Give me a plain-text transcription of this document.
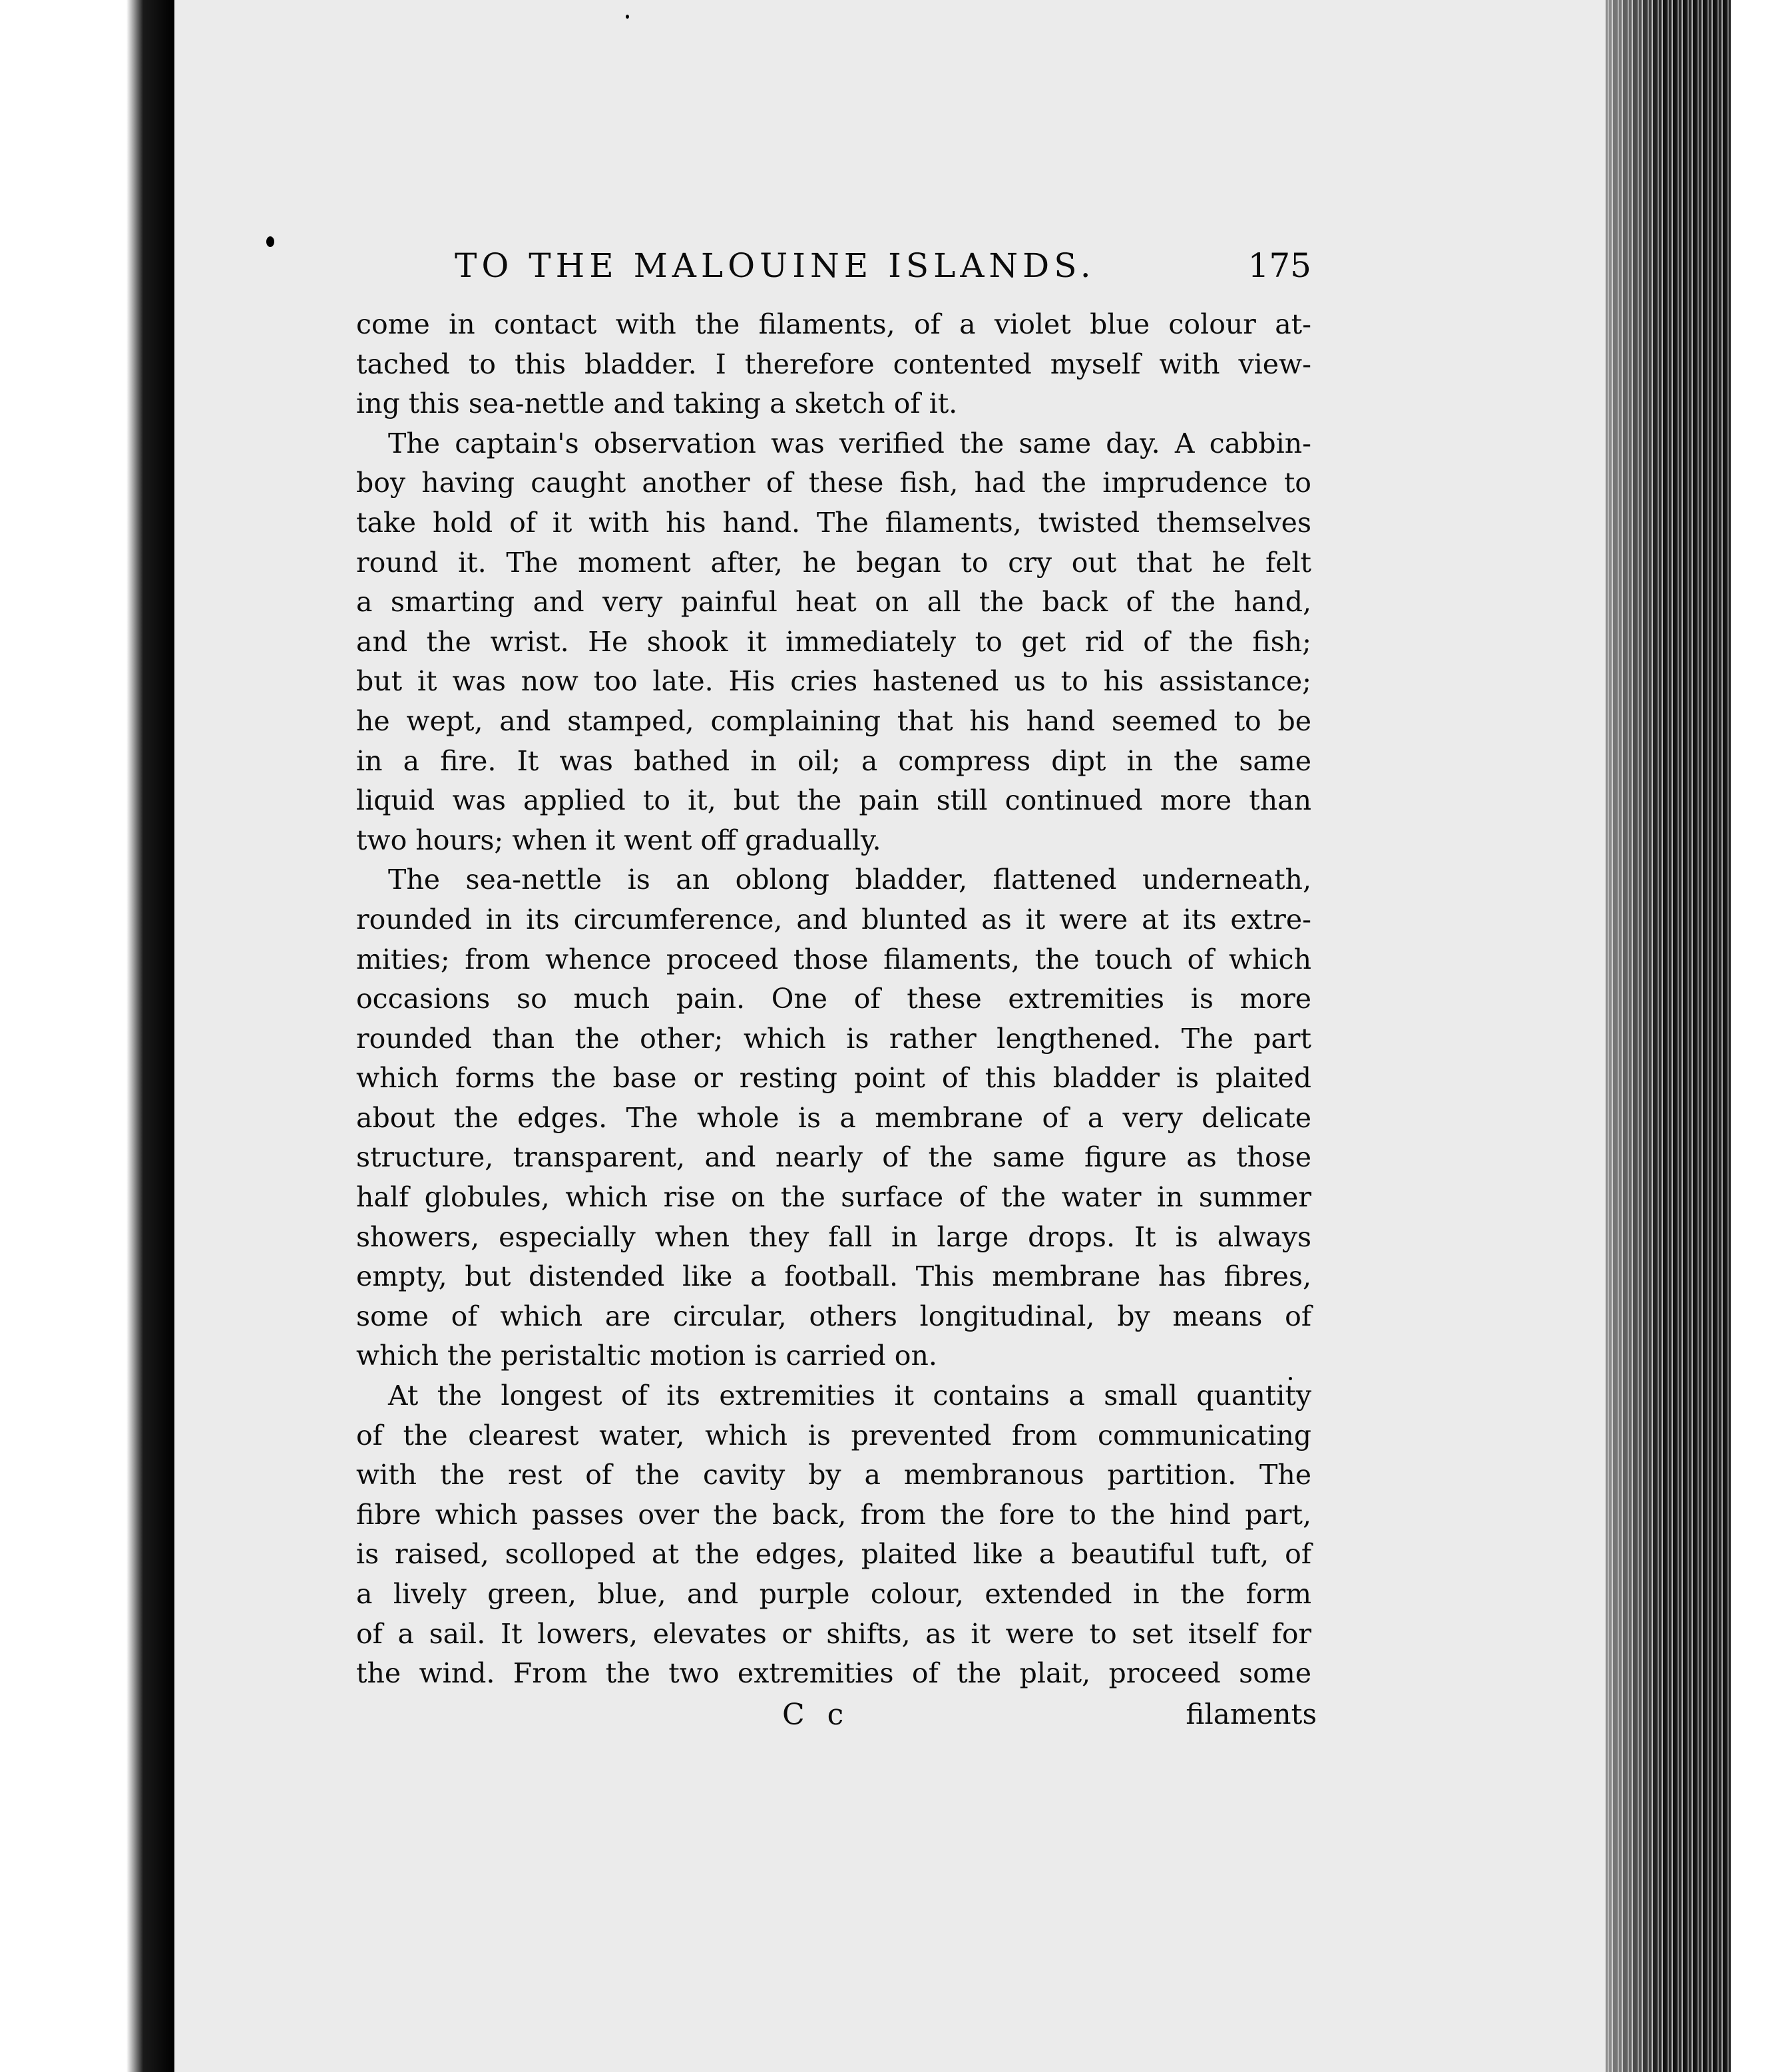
TO THE MALOUINE ISLANDS.	175
come in contact with the filaments, of a violet blue colour at-
tached to this bladder. I therefore contented myself with view-
ing this sea-nettle and taking a sketch of it.
The captain's observation was verified the same day. A cabbin-
boy having caught another of these fish, had the imprudence to
take hold of it with his hand. The filaments, twisted themselves
round it. The moment after, he began to cry out that he felt
a smarting and very painful heat on all the back of the hand,
and the wrist. He shook it immediately to get rid of the fish;
but it was now too late. His cries hastened us to his assistance;
he wept, and stamped, complaining that his hand seemed to be
in a fire. It was bathed in oil; a compress dipt in the same
liquid was applied to it, but the pain still continued more than
two hours; when it went off gradually.
The sea-nettle is an oblong bladder, flattened underneath,
rounded in its circumference, and blunted as it were at its extre-
mities; from whence proceed those filaments, the touch of which
occasions so much pain. One of these extremities is more
rounded than the other; which is rather lengthened. The part
which forms the base or resting point of this bladder is plaited
about the edges. The whole is a membrane of a very delicate
structure, transparent, and nearly of the same figure as those
half globules, which rise on the surface of the water in summer
showers, especially when they fall in large drops. It is always
empty, but distended like a football. This membrane has fibres,
some of which are circular, others longitudinal, by means of
which the peristaltic motion is carried on.
At the longest of its extremities it contains a small quantity
of the clearest water, which is prevented from communicating
with the rest of the cavity by a membranous partition. The
fibre which passes over the back, from the fore to the hind part,
is raised, scolloped at the edges, plaited like a beautiful tuft, of
a lively green, blue, and purple colour, extended in the form
of a sail. It lowers, elevates or shifts, as it were to set itself for
the wind. From the two extremities of the plait, proceed some
C c	filaments
